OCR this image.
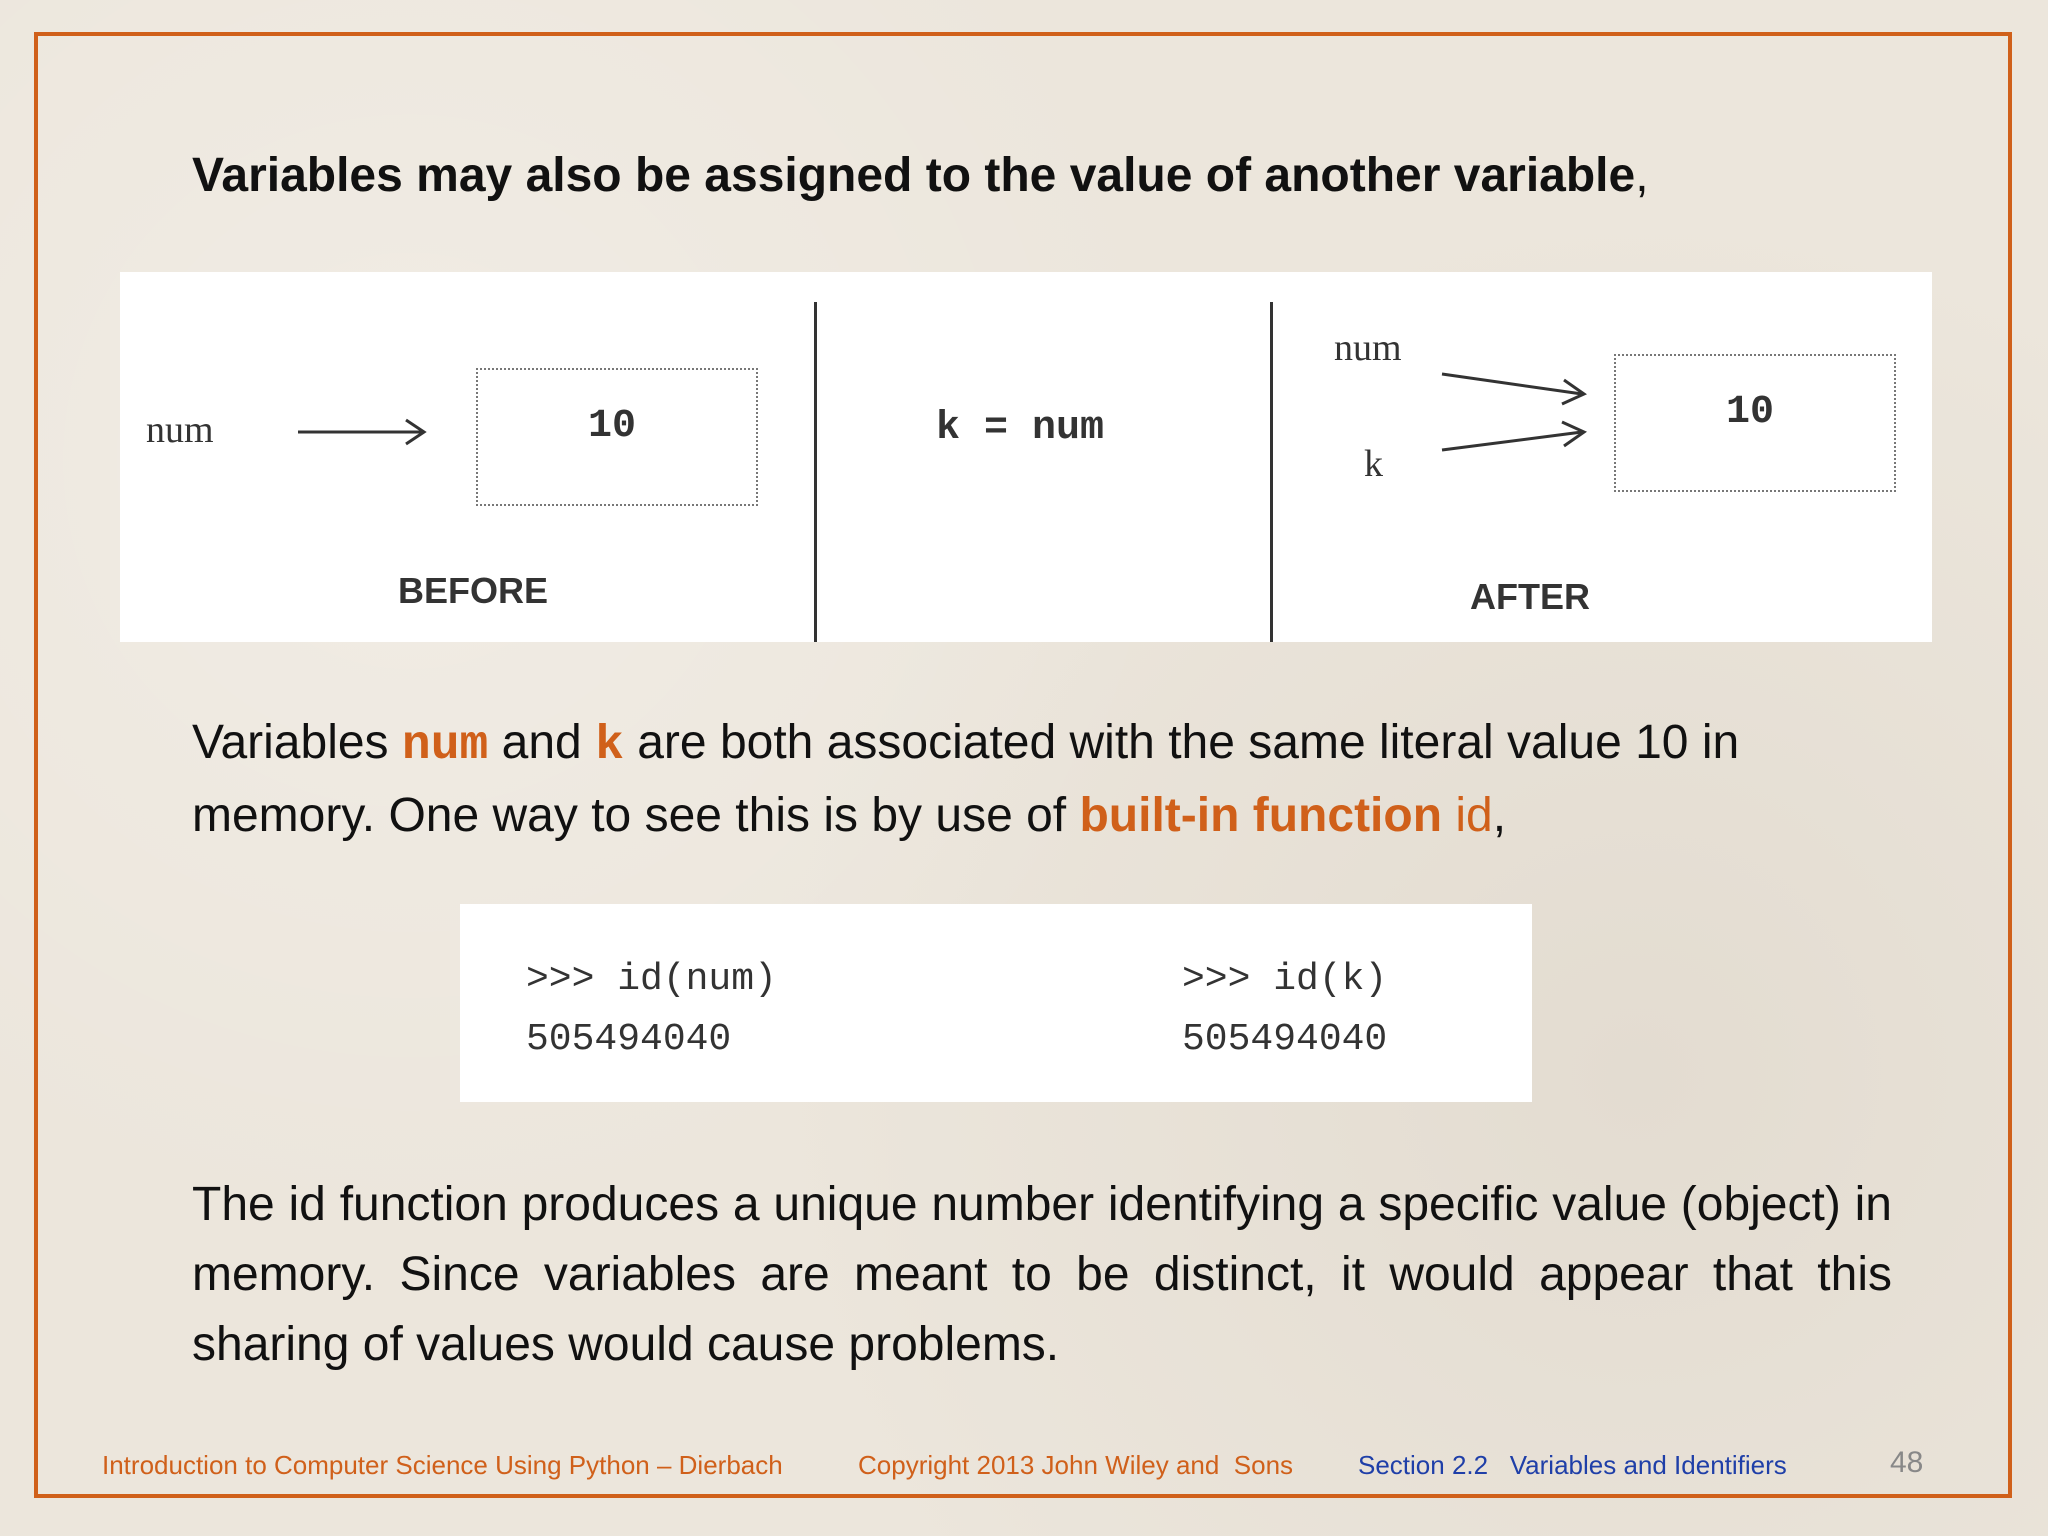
Variables may also be assigned to the value of another variable,
num	10
BEFORE
k = num
num
k
10
AFTER
Variables num and k are both associated with the same literal value 10 in memory. One way to see this is by use of built-in function id,
>>> id(num)
505494040
>>> id(k)
505494040
The id function produces a unique number identifying a specific value (object) in memory. Since variables are meant to be distinct, it would appear that this sharing of values would cause problems.
Introduction to Computer Science Using Python – Dierbach	Copyright 2013 John Wiley and  Sons Section 2.2   Variables and Identifiers	48
